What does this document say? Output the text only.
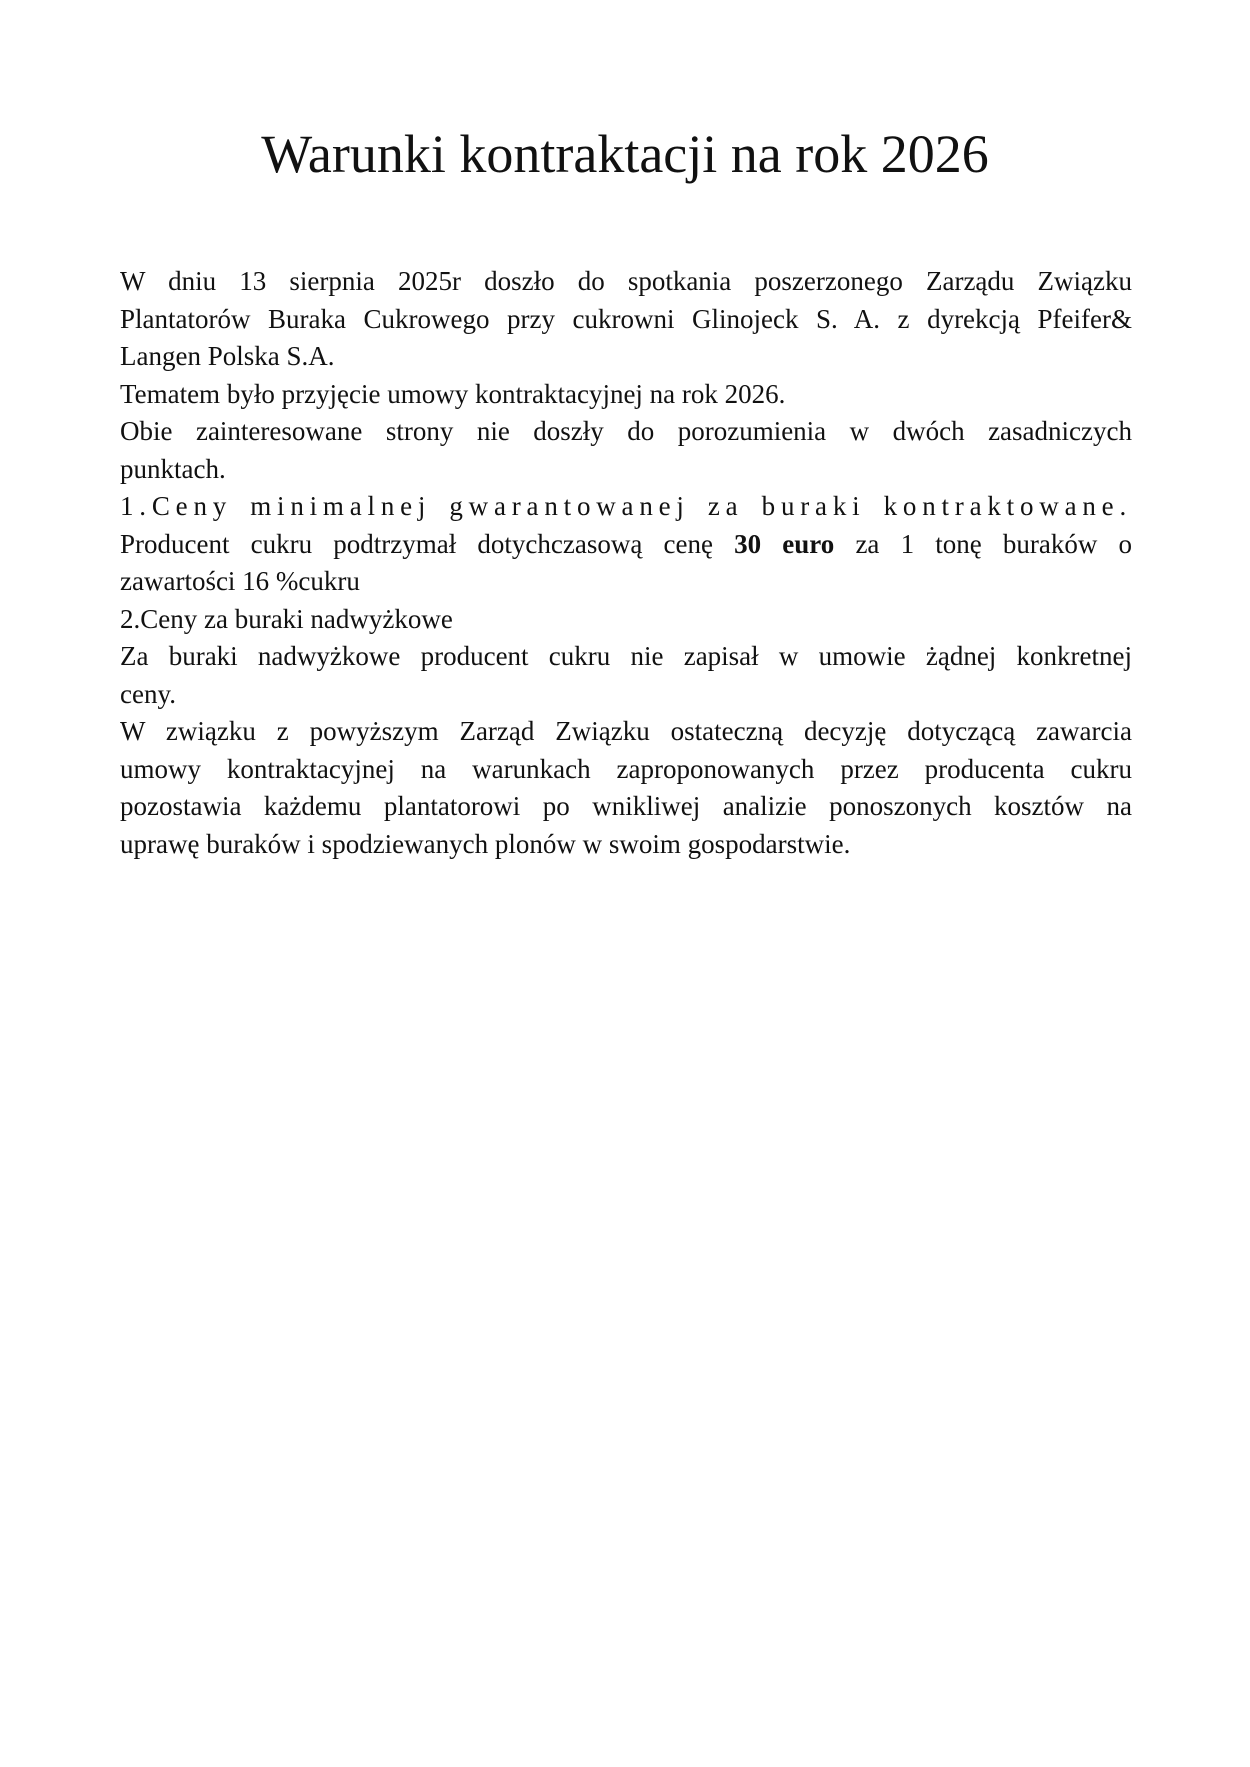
Warunki kontraktacji na rok 2026
W dniu 13 sierpnia 2025r doszło do spotkania poszerzonego Zarządu Związku
Plantatorów Buraka Cukrowego przy cukrowni Glinojeck S. A. z dyrekcją Pfeifer&
Langen Polska S.A.
Tematem było przyjęcie umowy kontraktacyjnej na rok 2026.
Obie zainteresowane strony nie doszły do porozumienia w dwóch zasadniczych
punktach.
1.Ceny minimalnej gwarantowanej za buraki kontraktowane.
Producent cukru podtrzymał dotychczasową cenę 30 euro za 1 tonę buraków o
zawartości 16 %cukru
2.Ceny za buraki nadwyżkowe
Za buraki nadwyżkowe producent cukru nie zapisał w umowie żądnej konkretnej
ceny.
W związku z powyższym Zarząd Związku ostateczną decyzję dotyczącą zawarcia
umowy kontraktacyjnej na warunkach zaproponowanych przez producenta cukru
pozostawia każdemu plantatorowi po wnikliwej analizie ponoszonych kosztów na
uprawę buraków i spodziewanych plonów w swoim gospodarstwie.
